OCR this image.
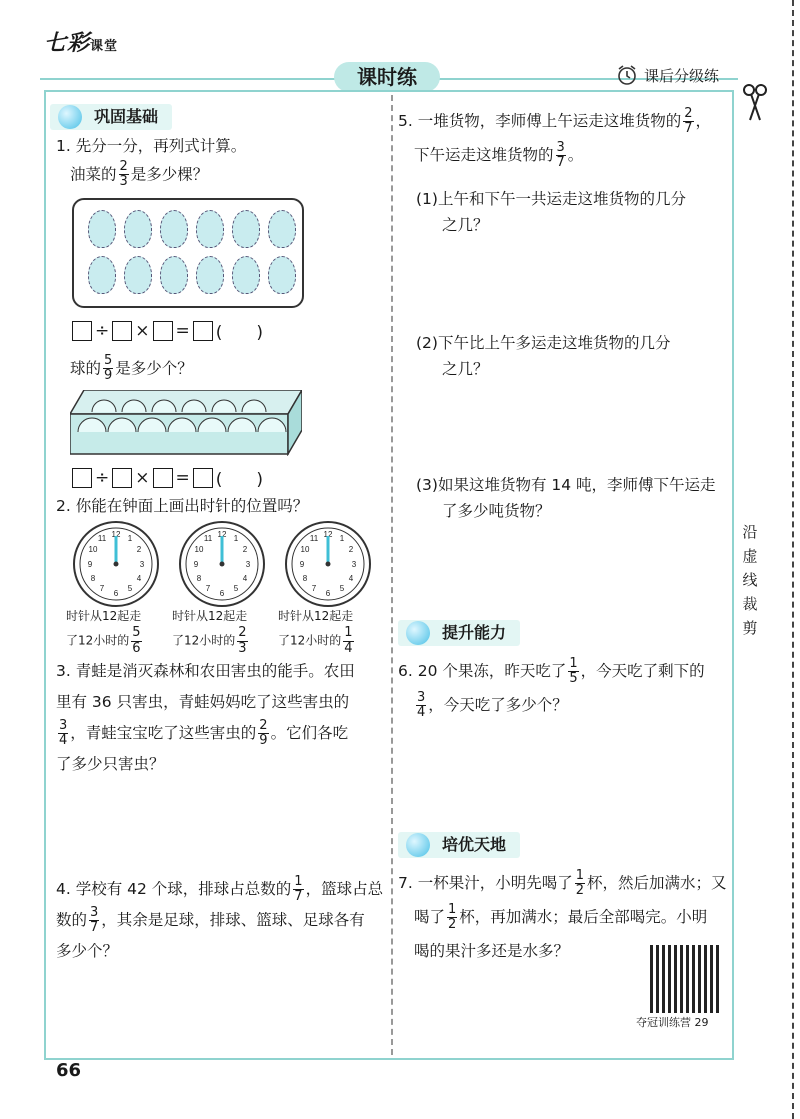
七彩课堂
课时练	课后分级练
巩固基础
1. 先分一分，再列式计算。
油菜的 $\frac{2}{3}$ 是多少棵？
÷ × = (　　)
球的 $\frac{5}{9}$ 是多少个？
÷ × = (　　)
2. 你能在钟面上画出时针的位置吗？
12 1
2
3
4
5
6
7
8
9
10
11	12 1
2
3
4
5
6
7
8
9
10
11	12 1
2
3
4
5
6
7
8
9
10
11
时针从12起走
了12小时的 $\frac{5}{6}$
时针从12起走
了12小时的 $\frac{2}{3}$
时针从12起走
了12小时的 $\frac{1}{4}$
3. 青蛙是消灭森林和农田害虫的能手。农田
里有 36 只害虫，青蛙妈妈吃了这些害虫的
$\frac{3}{4}$ ，青蛙宝宝吃了这些害虫的 $\frac{2}{9}$ 。它们各吃
了多少只害虫？
4. 学校有 42 个球，排球占总数的 $\frac{1}{7}$ ，篮球占总
数的 $\frac{3}{7}$ ，其余是足球，排球、篮球、足球各有
多少个？
5. 一堆货物，李师傅上午运走这堆货物的 $\frac{2}{7}$ ，
下午运走这堆货物的 $\frac{3}{7}$ 。
(1)上午和下午一共运走这堆货物的几分
之几？
(2)下午比上午多运走这堆货物的几分
之几？
(3)如果这堆货物有 14 吨，李师傅下午运走
了多少吨货物？
提升能力
6. 20 个果冻，昨天吃了 $\frac{1}{5}$ ，今天吃了剩下的
$\frac{3}{4}$ ，今天吃了多少个？
培优天地
7. 一杯果汁，小明先喝了 $\frac{1}{2}$ 杯，然后加满水；又
喝了 $\frac{1}{2}$ 杯，再加满水；最后全部喝完。小明
喝的果汁多还是水多？
夺冠训练营 29
沿
虚
线
裁
剪
66
